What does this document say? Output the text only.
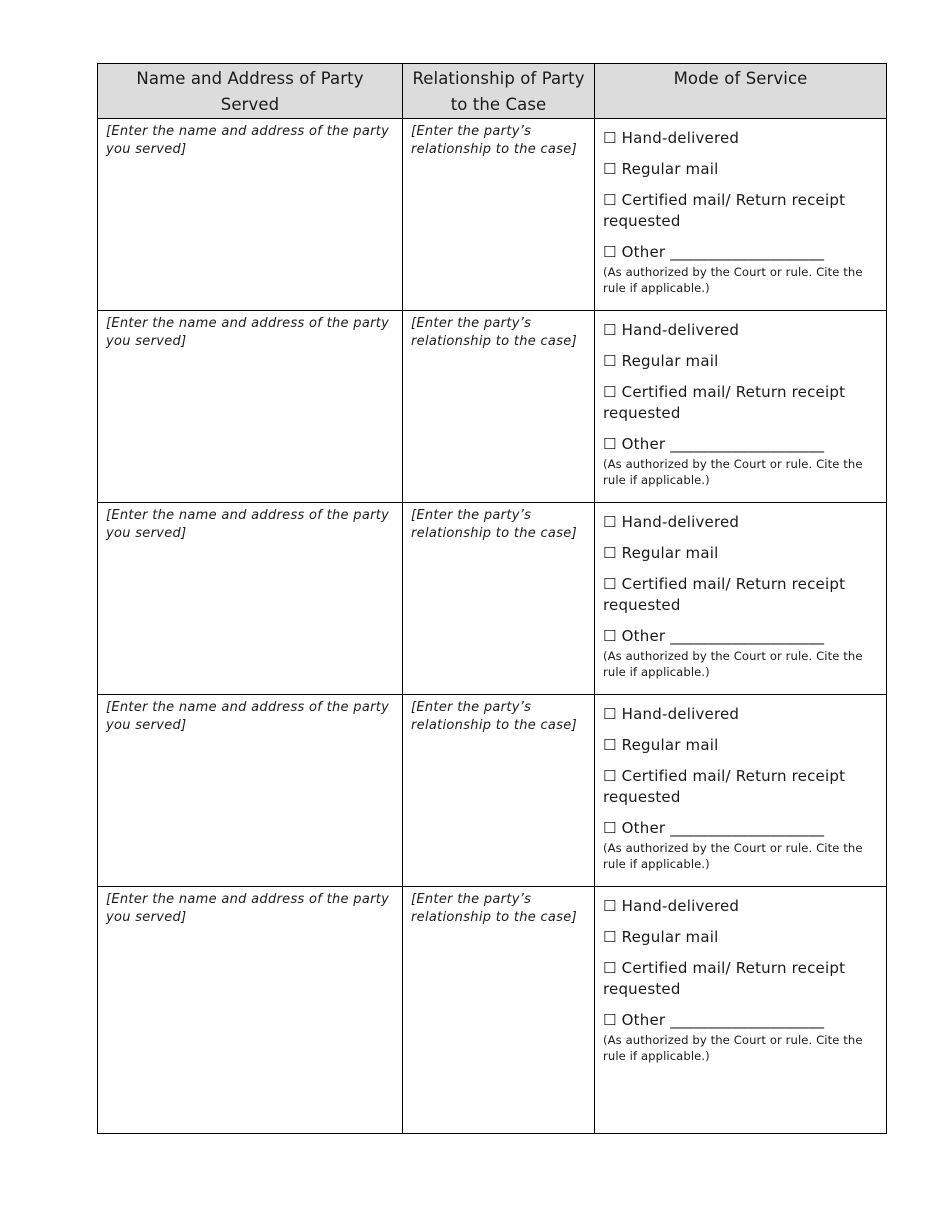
Name and Address of Party Served	Relationship of Party to the Case	Mode of Service

[Enter the name and address of the party you served]	[Enter the party’s relationship to the case]	☐ Hand-delivered
☐ Regular mail
☐ Certified mail/ Return receipt requested
☐ Other ____________________
(As authorized by the Court or rule. Cite the rule if applicable.)

[Enter the name and address of the party you served]	[Enter the party’s relationship to the case]	☐ Hand-delivered
☐ Regular mail
☐ Certified mail/ Return receipt requested
☐ Other ____________________
(As authorized by the Court or rule. Cite the rule if applicable.)

[Enter the name and address of the party you served]	[Enter the party’s relationship to the case]	☐ Hand-delivered
☐ Regular mail
☐ Certified mail/ Return receipt requested
☐ Other ____________________
(As authorized by the Court or rule. Cite the rule if applicable.)

[Enter the name and address of the party you served]	[Enter the party’s relationship to the case]	☐ Hand-delivered
☐ Regular mail
☐ Certified mail/ Return receipt requested
☐ Other ____________________
(As authorized by the Court or rule. Cite the rule if applicable.)

[Enter the name and address of the party you served]	[Enter the party’s relationship to the case]	☐ Hand-delivered
☐ Regular mail
☐ Certified mail/ Return receipt requested
☐ Other ____________________
(As authorized by the Court or rule. Cite the rule if applicable.)
